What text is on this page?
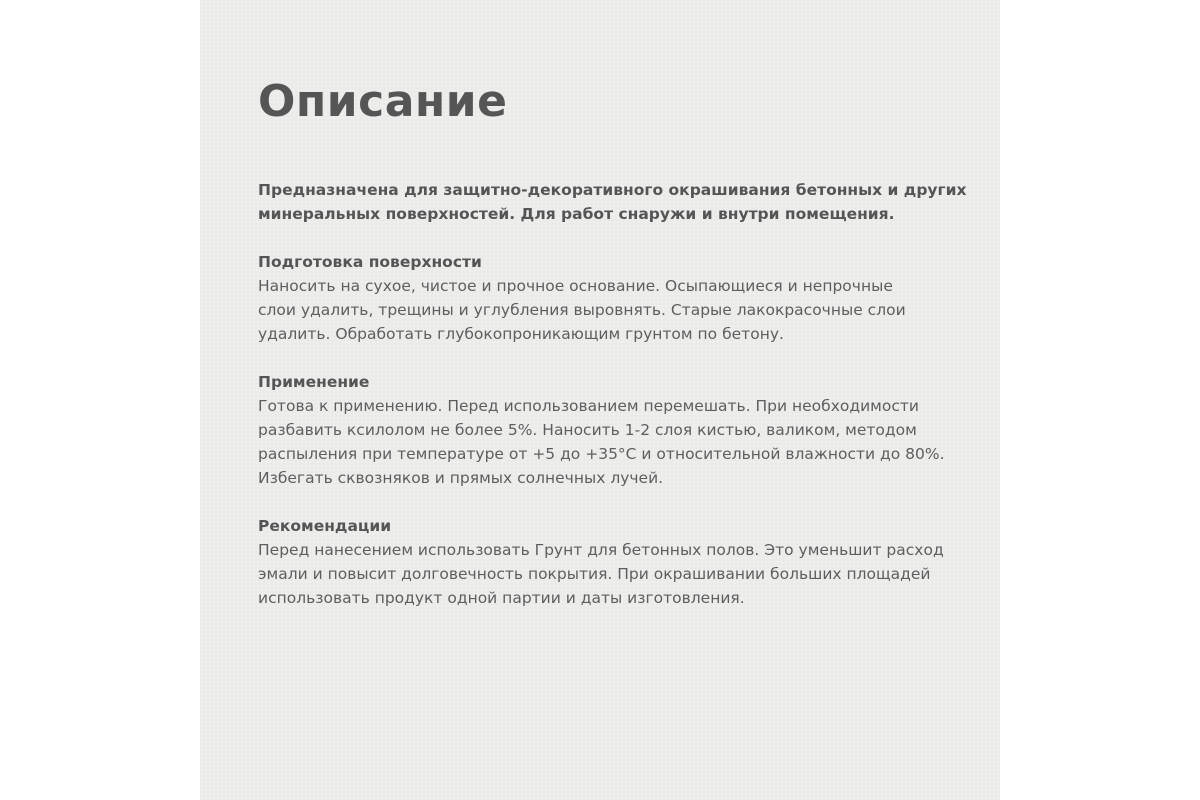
Описание

Предназначена для защитно-декоративного окрашивания бетонных и других
минеральных поверхностей. Для работ снаружи и внутри помещения.

Подготовка поверхности

Наносить на сухое, чистое и прочное основание. Осыпающиеся и непрочные
слои удалить, трещины и углубления выровнять. Старые лакокрасочные слои
удалить. Обработать глубокопроникающим грунтом по бетону.

Применение

Готова к применению. Перед использованием перемешать. При необходимости
разбавить ксилолом не более 5%. Наносить 1-2 слоя кистью, валиком, методом
распыления при температуре от +5 до +35°С и относительной влажности до 80%.
Избегать сквозняков и прямых солнечных лучей.

Рекомендации

Перед нанесением использовать Грунт для бетонных полов. Это уменьшит расход
эмали и повысит долговечность покрытия. При окрашивании больших площадей
использовать продукт одной партии и даты изготовления.
